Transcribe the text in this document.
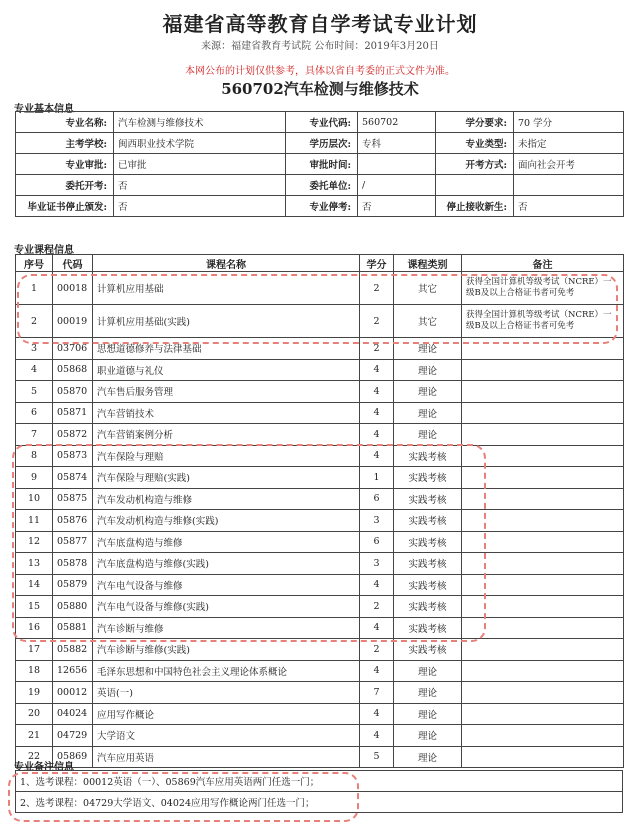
福建省高等教育自学考试专业计划
来源：福建省教育考试院 公布时间：2019年3月20日
本网公布的计划仅供参考，具体以省自考委的正式文件为准。
560702汽车检测与维修技术
专业基本信息
专业名称:	汽车检测与维修技术	专业代码:	560702	学分要求:	70 学分
主考学校:	闽西职业技术学院	学历层次:	专科	专业类型:	未指定
专业审批:	已审批	审批时间:		开考方式:	面向社会开考
委托开考:	否	委托单位:	/		
毕业证书停止颁发:	否	专业停考:	否	停止接收新生:	否
专业课程信息
序号	代码	课程名称	学分	课程类别	备注
1	00018	计算机应用基础	2	其它	获得全国计算机等级考试（NCRE）一级B及以上合格证书者可免考
2	00019	计算机应用基础(实践)	2	其它	获得全国计算机等级考试（NCRE）一级B及以上合格证书者可免考
3	03706	思想道德修养与法律基础	2	理论	
4	05868	职业道德与礼仪	4	理论	
5	05870	汽车售后服务管理	4	理论	
6	05871	汽车营销技术	4	理论	
7	05872	汽车营销案例分析	4	理论	
8	05873	汽车保险与理赔	4	实践考核	
9	05874	汽车保险与理赔(实践)	1	实践考核	
10	05875	汽车发动机构造与维修	6	实践考核	
11	05876	汽车发动机构造与维修(实践)	3	实践考核	
12	05877	汽车底盘构造与维修	6	实践考核	
13	05878	汽车底盘构造与维修(实践)	3	实践考核	
14	05879	汽车电气设备与维修	4	实践考核	
15	05880	汽车电气设备与维修(实践)	2	实践考核	
16	05881	汽车诊断与维修	4	实践考核	
17	05882	汽车诊断与维修(实践)	2	实践考核	
18	12656	毛泽东思想和中国特色社会主义理论体系概论	4	理论	
19	00012	英语(一)	7	理论	
20	04024	应用写作概论	4	理论	
21	04729	大学语文	4	理论	
22	05869	汽车应用英语	5	理论	
专业备注信息
1、选考课程：00012英语（一）、05869汽车应用英语两门任选一门；
2、选考课程：04729大学语文、04024应用写作概论两门任选一门；
